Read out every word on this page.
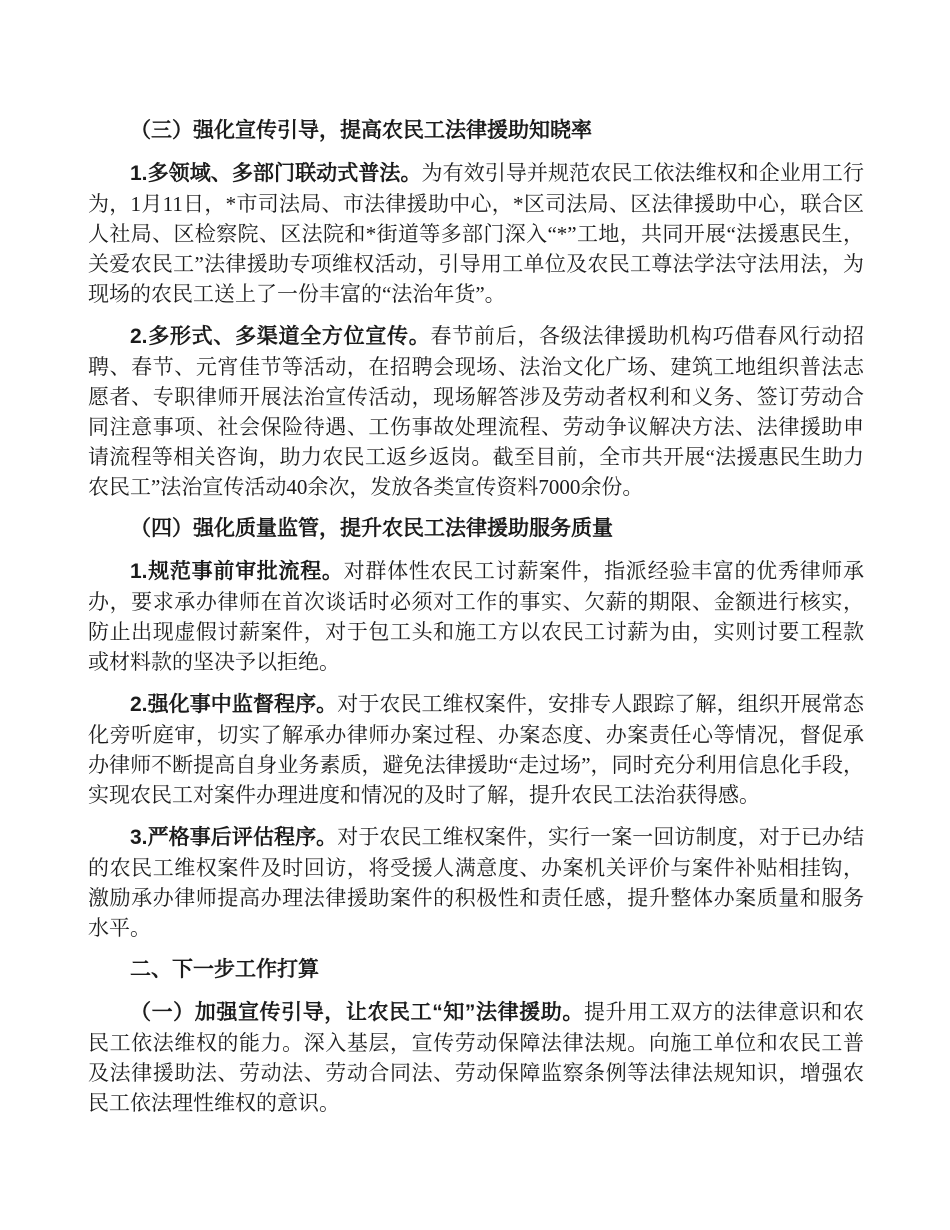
（三）强化宣传引导，提高农民工法律援助知晓率

1.多领域、多部门联动式普法。为有效引导并规范农民工依法维权和企业用工行为，1月11日，*市司法局、市法律援助中心，*区司法局、区法律援助中心，联合区人社局、区检察院、区法院和*街道等多部门深入“*”工地，共同开展“法援惠民生，关爱农民工”法律援助专项维权活动，引导用工单位及农民工尊法学法守法用法，为现场的农民工送上了一份丰富的“法治年货”。

2.多形式、多渠道全方位宣传。春节前后，各级法律援助机构巧借春风行动招聘、春节、元宵佳节等活动，在招聘会现场、法治文化广场、建筑工地组织普法志愿者、专职律师开展法治宣传活动，现场解答涉及劳动者权利和义务、签订劳动合同注意事项、社会保险待遇、工伤事故处理流程、劳动争议解决方法、法律援助申请流程等相关咨询，助力农民工返乡返岗。截至目前，全市共开展“法援惠民生助力农民工”法治宣传活动40余次，发放各类宣传资料7000余份。

（四）强化质量监管，提升农民工法律援助服务质量

1.规范事前审批流程。对群体性农民工讨薪案件，指派经验丰富的优秀律师承办，要求承办律师在首次谈话时必须对工作的事实、欠薪的期限、金额进行核实，防止出现虚假讨薪案件，对于包工头和施工方以农民工讨薪为由，实则讨要工程款或材料款的坚决予以拒绝。

2.强化事中监督程序。对于农民工维权案件，安排专人跟踪了解，组织开展常态化旁听庭审，切实了解承办律师办案过程、办案态度、办案责任心等情况，督促承办律师不断提高自身业务素质，避免法律援助“走过场”，同时充分利用信息化手段，实现农民工对案件办理进度和情况的及时了解，提升农民工法治获得感。

3.严格事后评估程序。对于农民工维权案件，实行一案一回访制度，对于已办结的农民工维权案件及时回访，将受援人满意度、办案机关评价与案件补贴相挂钩，激励承办律师提高办理法律援助案件的积极性和责任感，提升整体办案质量和服务水平。

二、下一步工作打算

（一）加强宣传引导，让农民工“知”法律援助。提升用工双方的法律意识和农民工依法维权的能力。深入基层，宣传劳动保障法律法规。向施工单位和农民工普及法律援助法、劳动法、劳动合同法、劳动保障监察条例等法律法规知识，增强农民工依法理性维权的意识。
